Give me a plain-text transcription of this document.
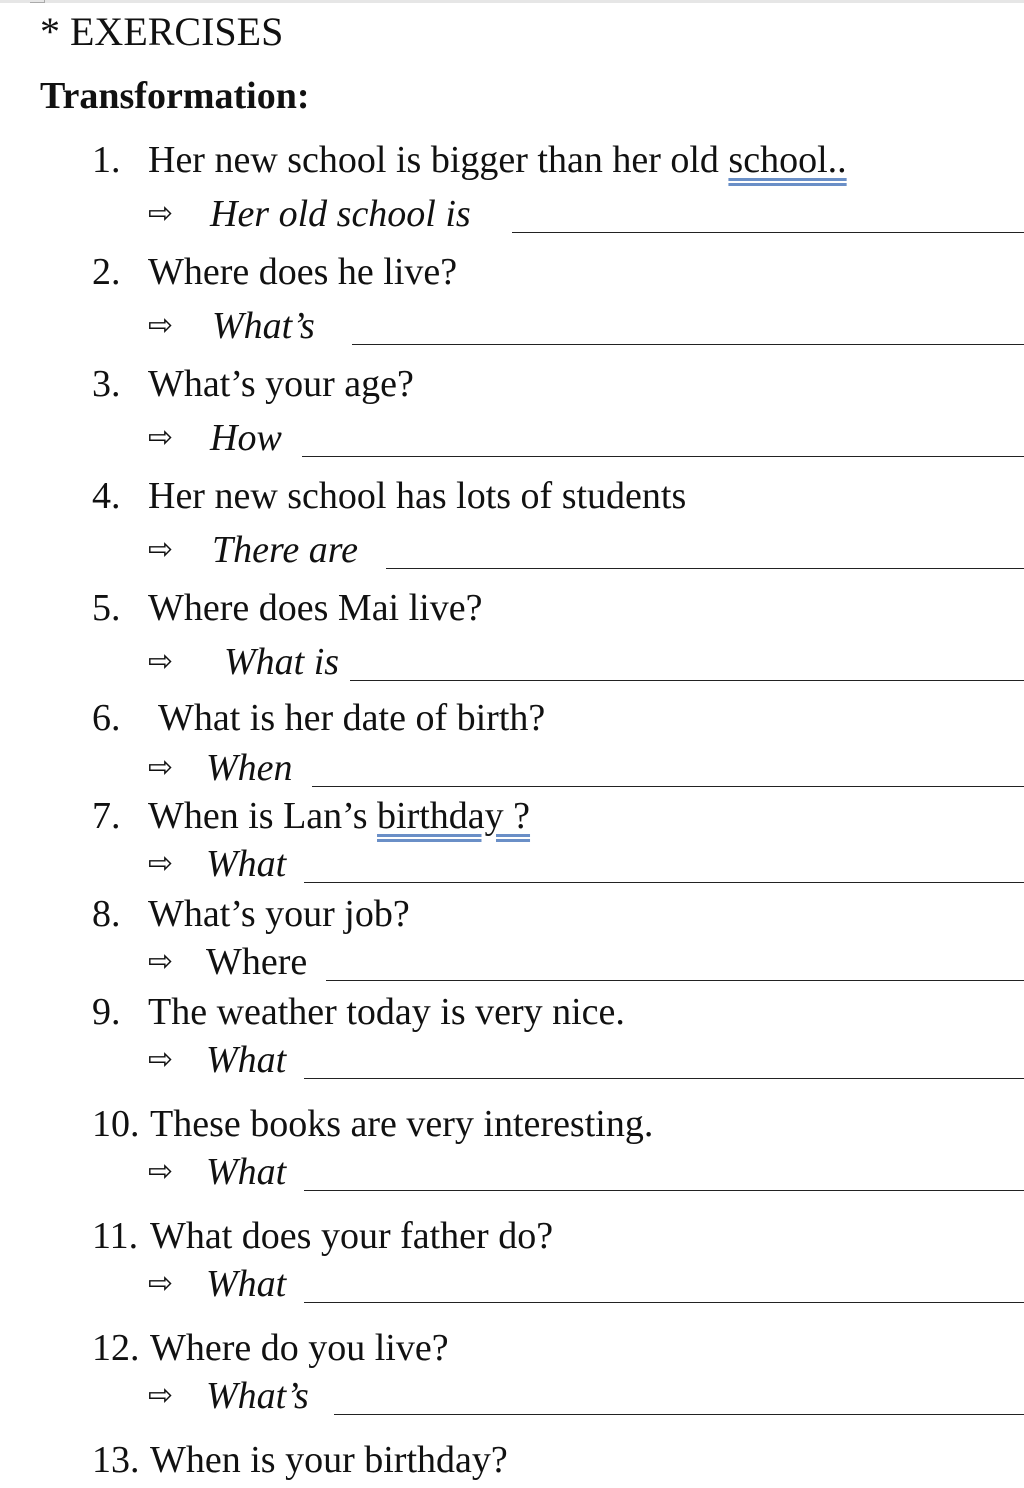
* EXERCISES
Transformation:
1. Her new school is bigger than her old school..
⇨ Her old school is
2. Where does he live?
⇨ What’s
3. What’s your age?
⇨ How
4. Her new school has lots of students
⇨ There are
5. Where does Mai live?
⇨ What is
6. What is her date of birth?
⇨ When
7. When is Lan’s birthday ?
⇨ What
8. What’s your job?
⇨ Where
9. The weather today is very nice.
⇨ What
10. These books are very interesting.
⇨ What
11. What does your father do?
⇨ What
12. Where do you live?
⇨ What’s
13. When is your birthday?
